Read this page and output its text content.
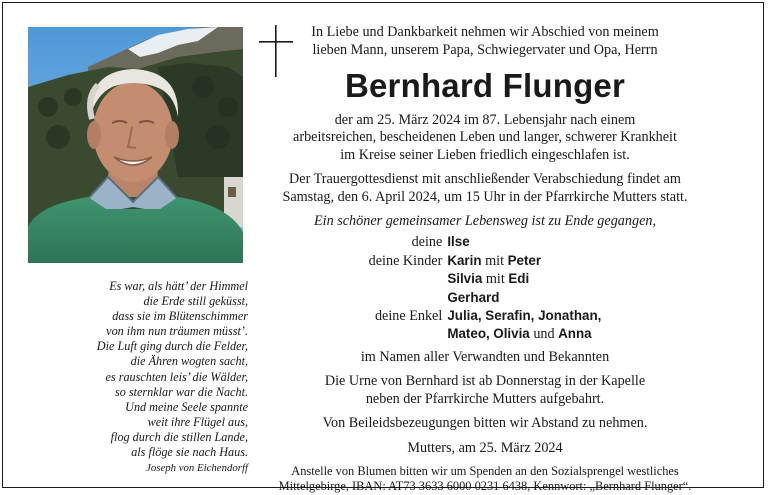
Es war, als hätt’ der Himmel
die Erde still geküsst,
dass sie im Blütenschimmer
von ihm nun träumen müsst’.
Die Luft ging durch die Felder,
die Ähren wogten sacht,
es rauschten leis’ die Wälder,
so sternklar war die Nacht.
Und meine Seele spannte
weit ihre Flügel aus,
flog durch die stillen Lande,
als flöge sie nach Haus.
Joseph von Eichendorff
In Liebe und Dankbarkeit nehmen wir Abschied von meinem
lieben Mann, unserem Papa, Schwiegervater und Opa, Herrn
Bernhard Flunger
der am 25. März 2024 im 87. Lebensjahr nach einem
arbeitsreichen, bescheidenen Leben und langer, schwerer Krankheit
im Kreise seiner Lieben friedlich eingeschlafen ist.
Der Trauergottesdienst mit anschließender Verabschiedung findet am
Samstag, den 6. April 2024, um 15 Uhr in der Pfarrkirche Mutters statt.
Ein schöner gemeinsamer Lebensweg ist zu Ende gegangen,
deine	Ilse
deine Kinder	Karin mit Peter
	Silvia mit Edi
	Gerhard
deine Enkel	Julia, Serafin, Jonathan,
	Mateo, Olivia und Anna
im Namen aller Verwandten und Bekannten
Die Urne von Bernhard ist ab Donnerstag in der Kapelle
neben der Pfarrkirche Mutters aufgebahrt.
Von Beileidsbezeugungen bitten wir Abstand zu nehmen.
Mutters, am 25. März 2024
Anstelle von Blumen bitten wir um Spenden an den Sozialsprengel westliches
Mittelgebirge, IBAN: AT73 3633 6000 0231 6438, Kennwort: „Bernhard Flunger“.
